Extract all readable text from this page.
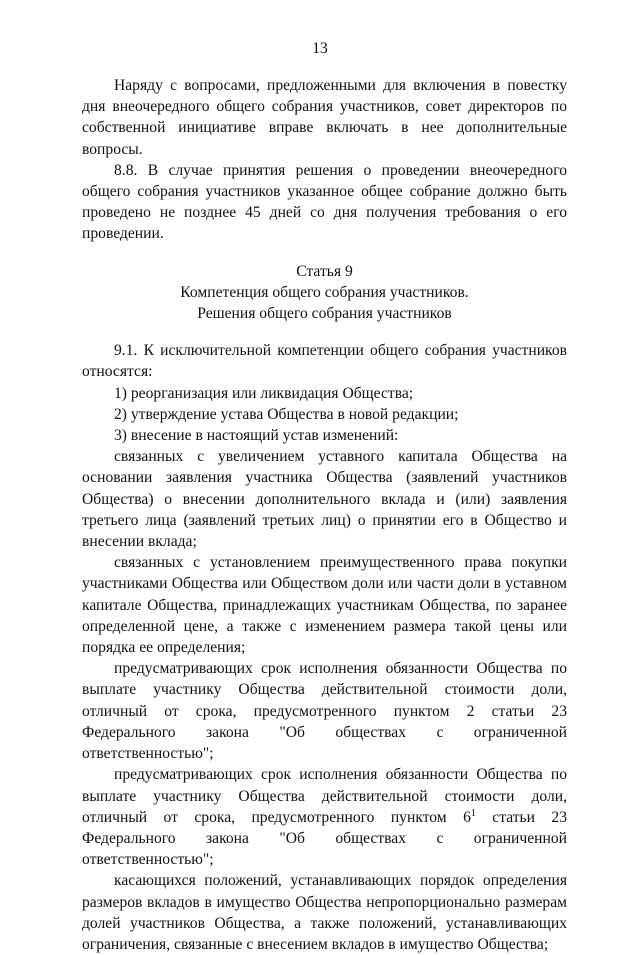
13

Наряду с вопросами, предложенными для включения в повестку дня внеочередного общего собрания участников, совет директоров по собственной инициативе вправе включать в нее дополнительные вопросы.

8.8. В случае принятия решения о проведении внеочередного общего собрания участников указанное общее собрание должно быть проведено не позднее 45 дней со дня получения требования о его проведении.

Статья 9

Компетенция общего собрания участников.

Решения общего собрания участников

9.1. К исключительной компетенции общего собрания участников относятся:

1) реорганизация или ликвидация Общества;

2) утверждение устава Общества в новой редакции;

3) внесение в настоящий устав изменений:

связанных с увеличением уставного капитала Общества на основании заявления участника Общества (заявлений участников Общества) о внесении дополнительного вклада и (или) заявления третьего лица (заявлений третьих лиц) о принятии его в Общество и внесении вклада;

связанных с установлением преимущественного права покупки участниками Общества или Обществом доли или части доли в уставном капитале Общества, принадлежащих участникам Общества, по заранее определенной цене, а также с изменением размера такой цены или порядка ее определения;

предусматривающих срок исполнения обязанности Общества по выплате участнику Общества действительной стоимости доли, отличный от срока, предусмотренного пунктом 2 статьи 23 Федерального закона "Об обществах с ограниченной ответственностью";

предусматривающих срок исполнения обязанности Общества по выплате участнику Общества действительной стоимости доли, отличный от срока, предусмотренного пунктом $6^1$ статьи 23 Федерального закона "Об обществах с ограниченной ответственностью";

касающихся положений, устанавливающих порядок определения размеров вкладов в имущество Общества непропорционально размерам долей участников Общества, а также положений, устанавливающих ограничения, связанные с внесением вкладов в имущество Общества;
